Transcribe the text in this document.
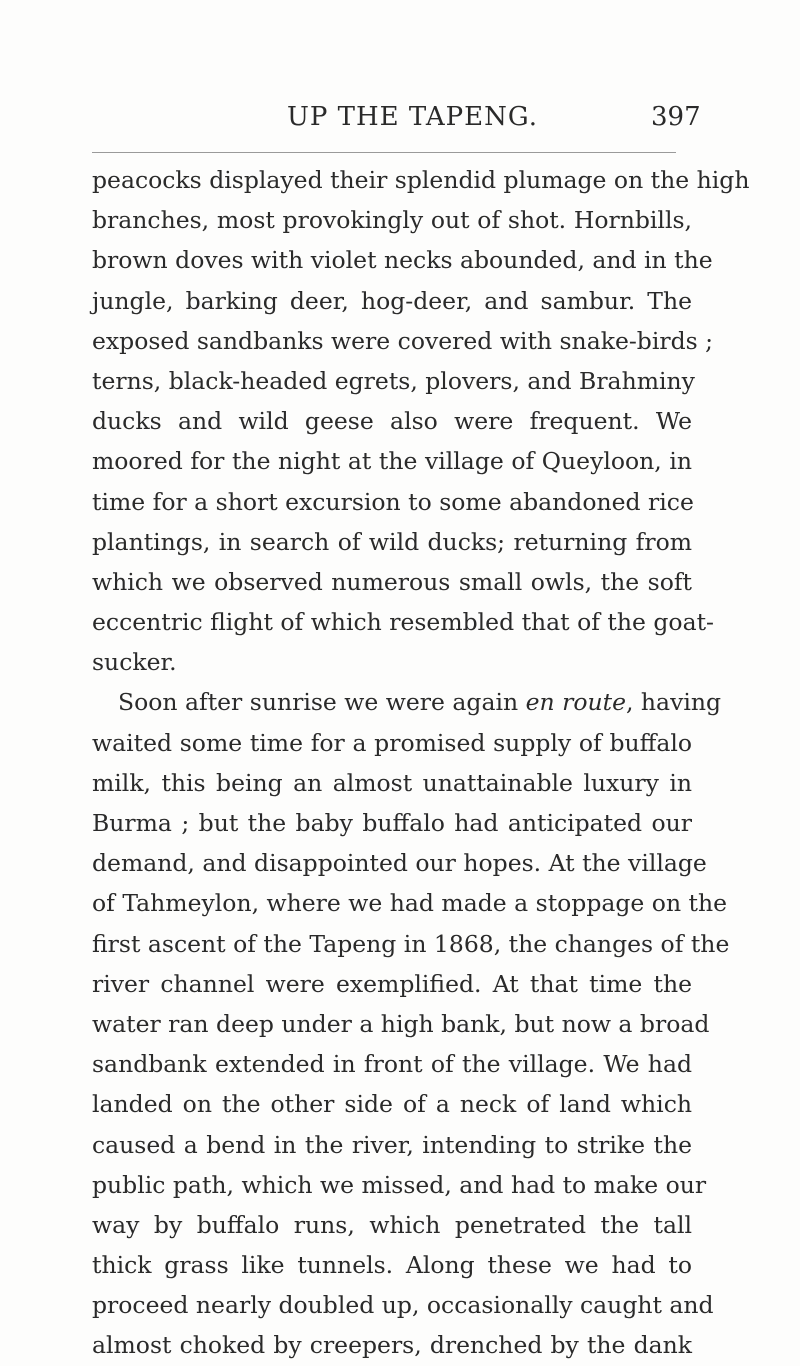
UP THE TAPENG.	397
peacocks displayed their splendid plumage on the high
branches, most provokingly out of shot. Hornbills,
brown doves with violet necks abounded, and in the
jungle, barking deer, hog-deer, and sambur. The
exposed sandbanks were covered with snake-birds ;
terns, black-headed egrets, plovers, and Brahminy
ducks and wild geese also were frequent. We
moored for the night at the village of Queyloon, in
time for a short excursion to some abandoned rice
plantings, in search of wild ducks; returning from
which we observed numerous small owls, the soft
eccentric flight of which resembled that of the goat-
sucker.
Soon after sunrise we were again en route, having
waited some time for a promised supply of buffalo
milk, this being an almost unattainable luxury in
Burma ; but the baby buffalo had anticipated our
demand, and disappointed our hopes. At the village
of Tahmeylon, where we had made a stoppage on the
first ascent of the Tapeng in 1868, the changes of the
river channel were exemplified. At that time the
water ran deep under a high bank, but now a broad
sandbank extended in front of the village. We had
landed on the other side of a neck of land which
caused a bend in the river, intending to strike the
public path, which we missed, and had to make our
way by buffalo runs, which penetrated the tall
thick grass like tunnels. Along these we had to
proceed nearly doubled up, occasionally caught and
almost choked by creepers, drenched by the dank
